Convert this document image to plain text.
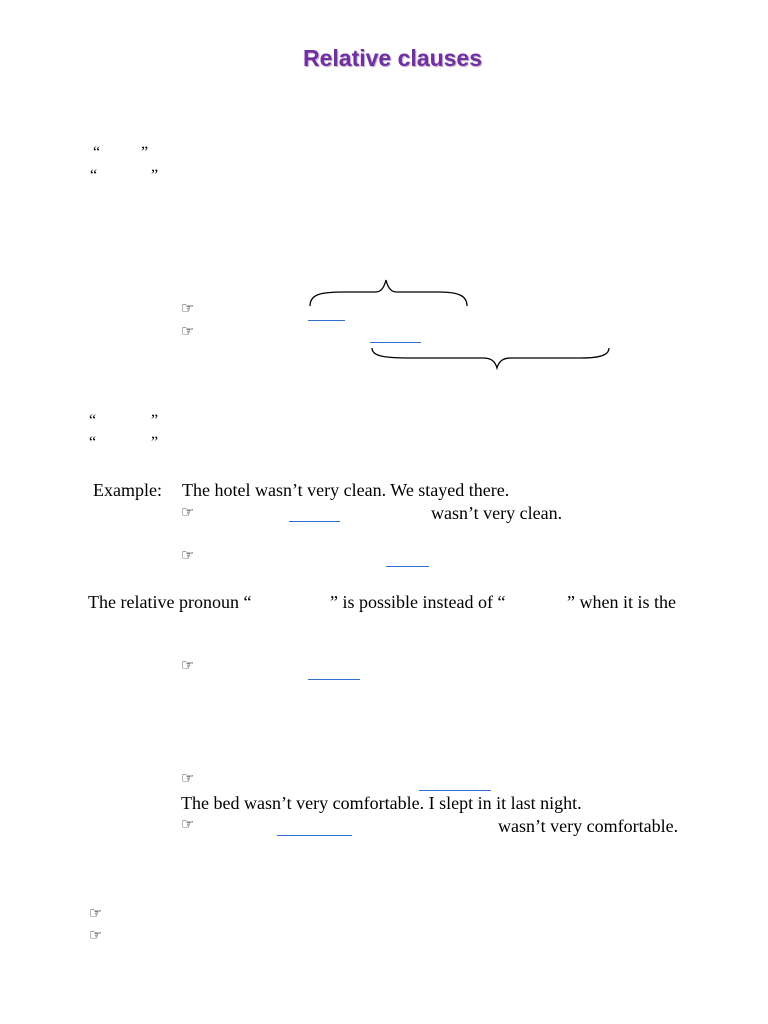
Relative clauses
“	”
“	”
☞
☞
“	”
“	”
Example: The hotel wasn’t very clean. We stayed there.
☞	wasn’t very clean.
☞
The relative pronoun “	” is possible instead of “	” when it is the
☞
☞
The bed wasn’t very comfortable. I slept in it last night.
☞	wasn’t very comfortable.
☞
☞
